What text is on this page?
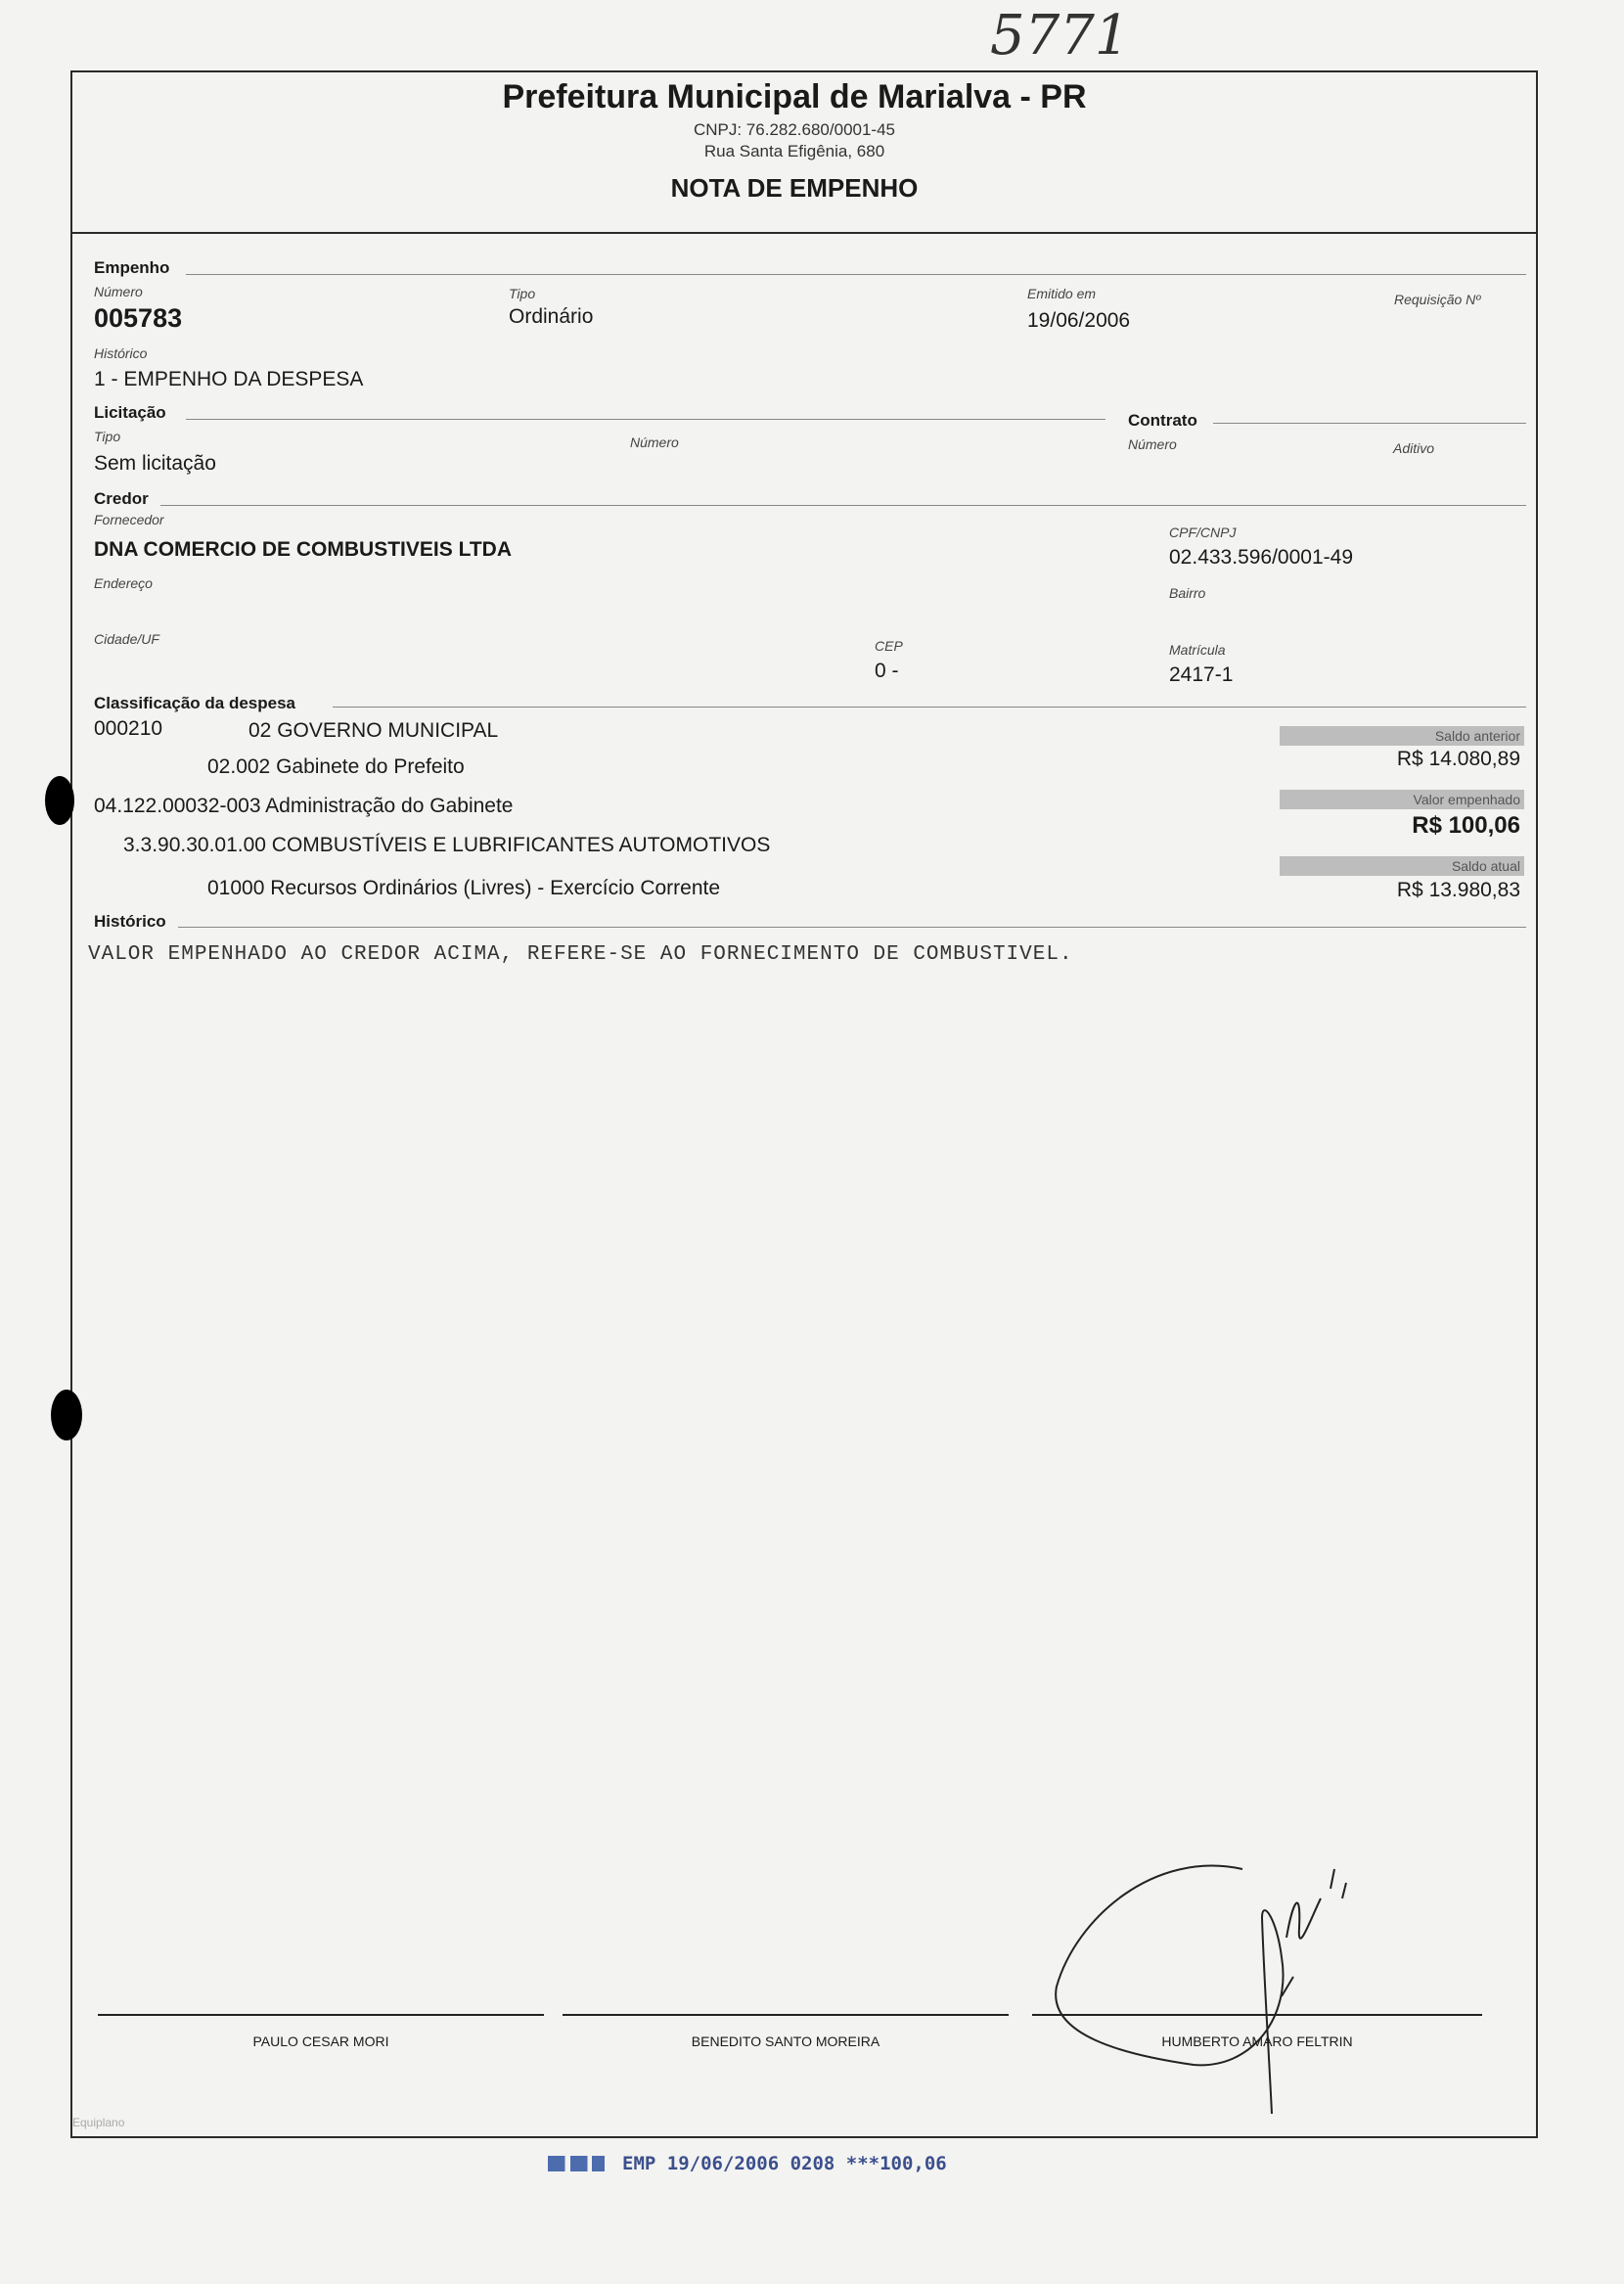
5771
Prefeitura Municipal de Marialva - PR
CNPJ: 76.282.680/0001-45
Rua Santa Efigênia, 680
NOTA DE EMPENHO
Empenho
Número
005783
Tipo
Ordinário
Emitido em
19/06/2006
Requisição Nº
Histórico
1 - EMPENHO DA DESPESA
Licitação
Tipo
Sem licitação
Número
Contrato
Número	Aditivo
Credor
Fornecedor
DNA COMERCIO DE COMBUSTIVEIS LTDA
CPF/CNPJ
02.433.596/0001-49
Endereço
Bairro
Cidade/UF	CEP
0 -
Matrícula
2417-1
Classificação da despesa
000210	02 GOVERNO MUNICIPAL
02.002 Gabinete do Prefeito
04.122.00032-003 Administração do Gabinete
3.3.90.30.01.00 COMBUSTÍVEIS E LUBRIFICANTES AUTOMOTIVOS
01000 Recursos Ordinários (Livres) - Exercício Corrente
Saldo anterior
R$ 14.080,89
Valor empenhado
R$ 100,06
Saldo atual
R$ 13.980,83
Histórico
VALOR EMPENHADO AO CREDOR ACIMA, REFERE-SE AO FORNECIMENTO DE COMBUSTIVEL.
PAULO CESAR MORI	BENEDITO SANTO MOREIRA	HUMBERTO AMARO FELTRIN
Equiplano
EMP 19/06/2006 0208 ***100,06
